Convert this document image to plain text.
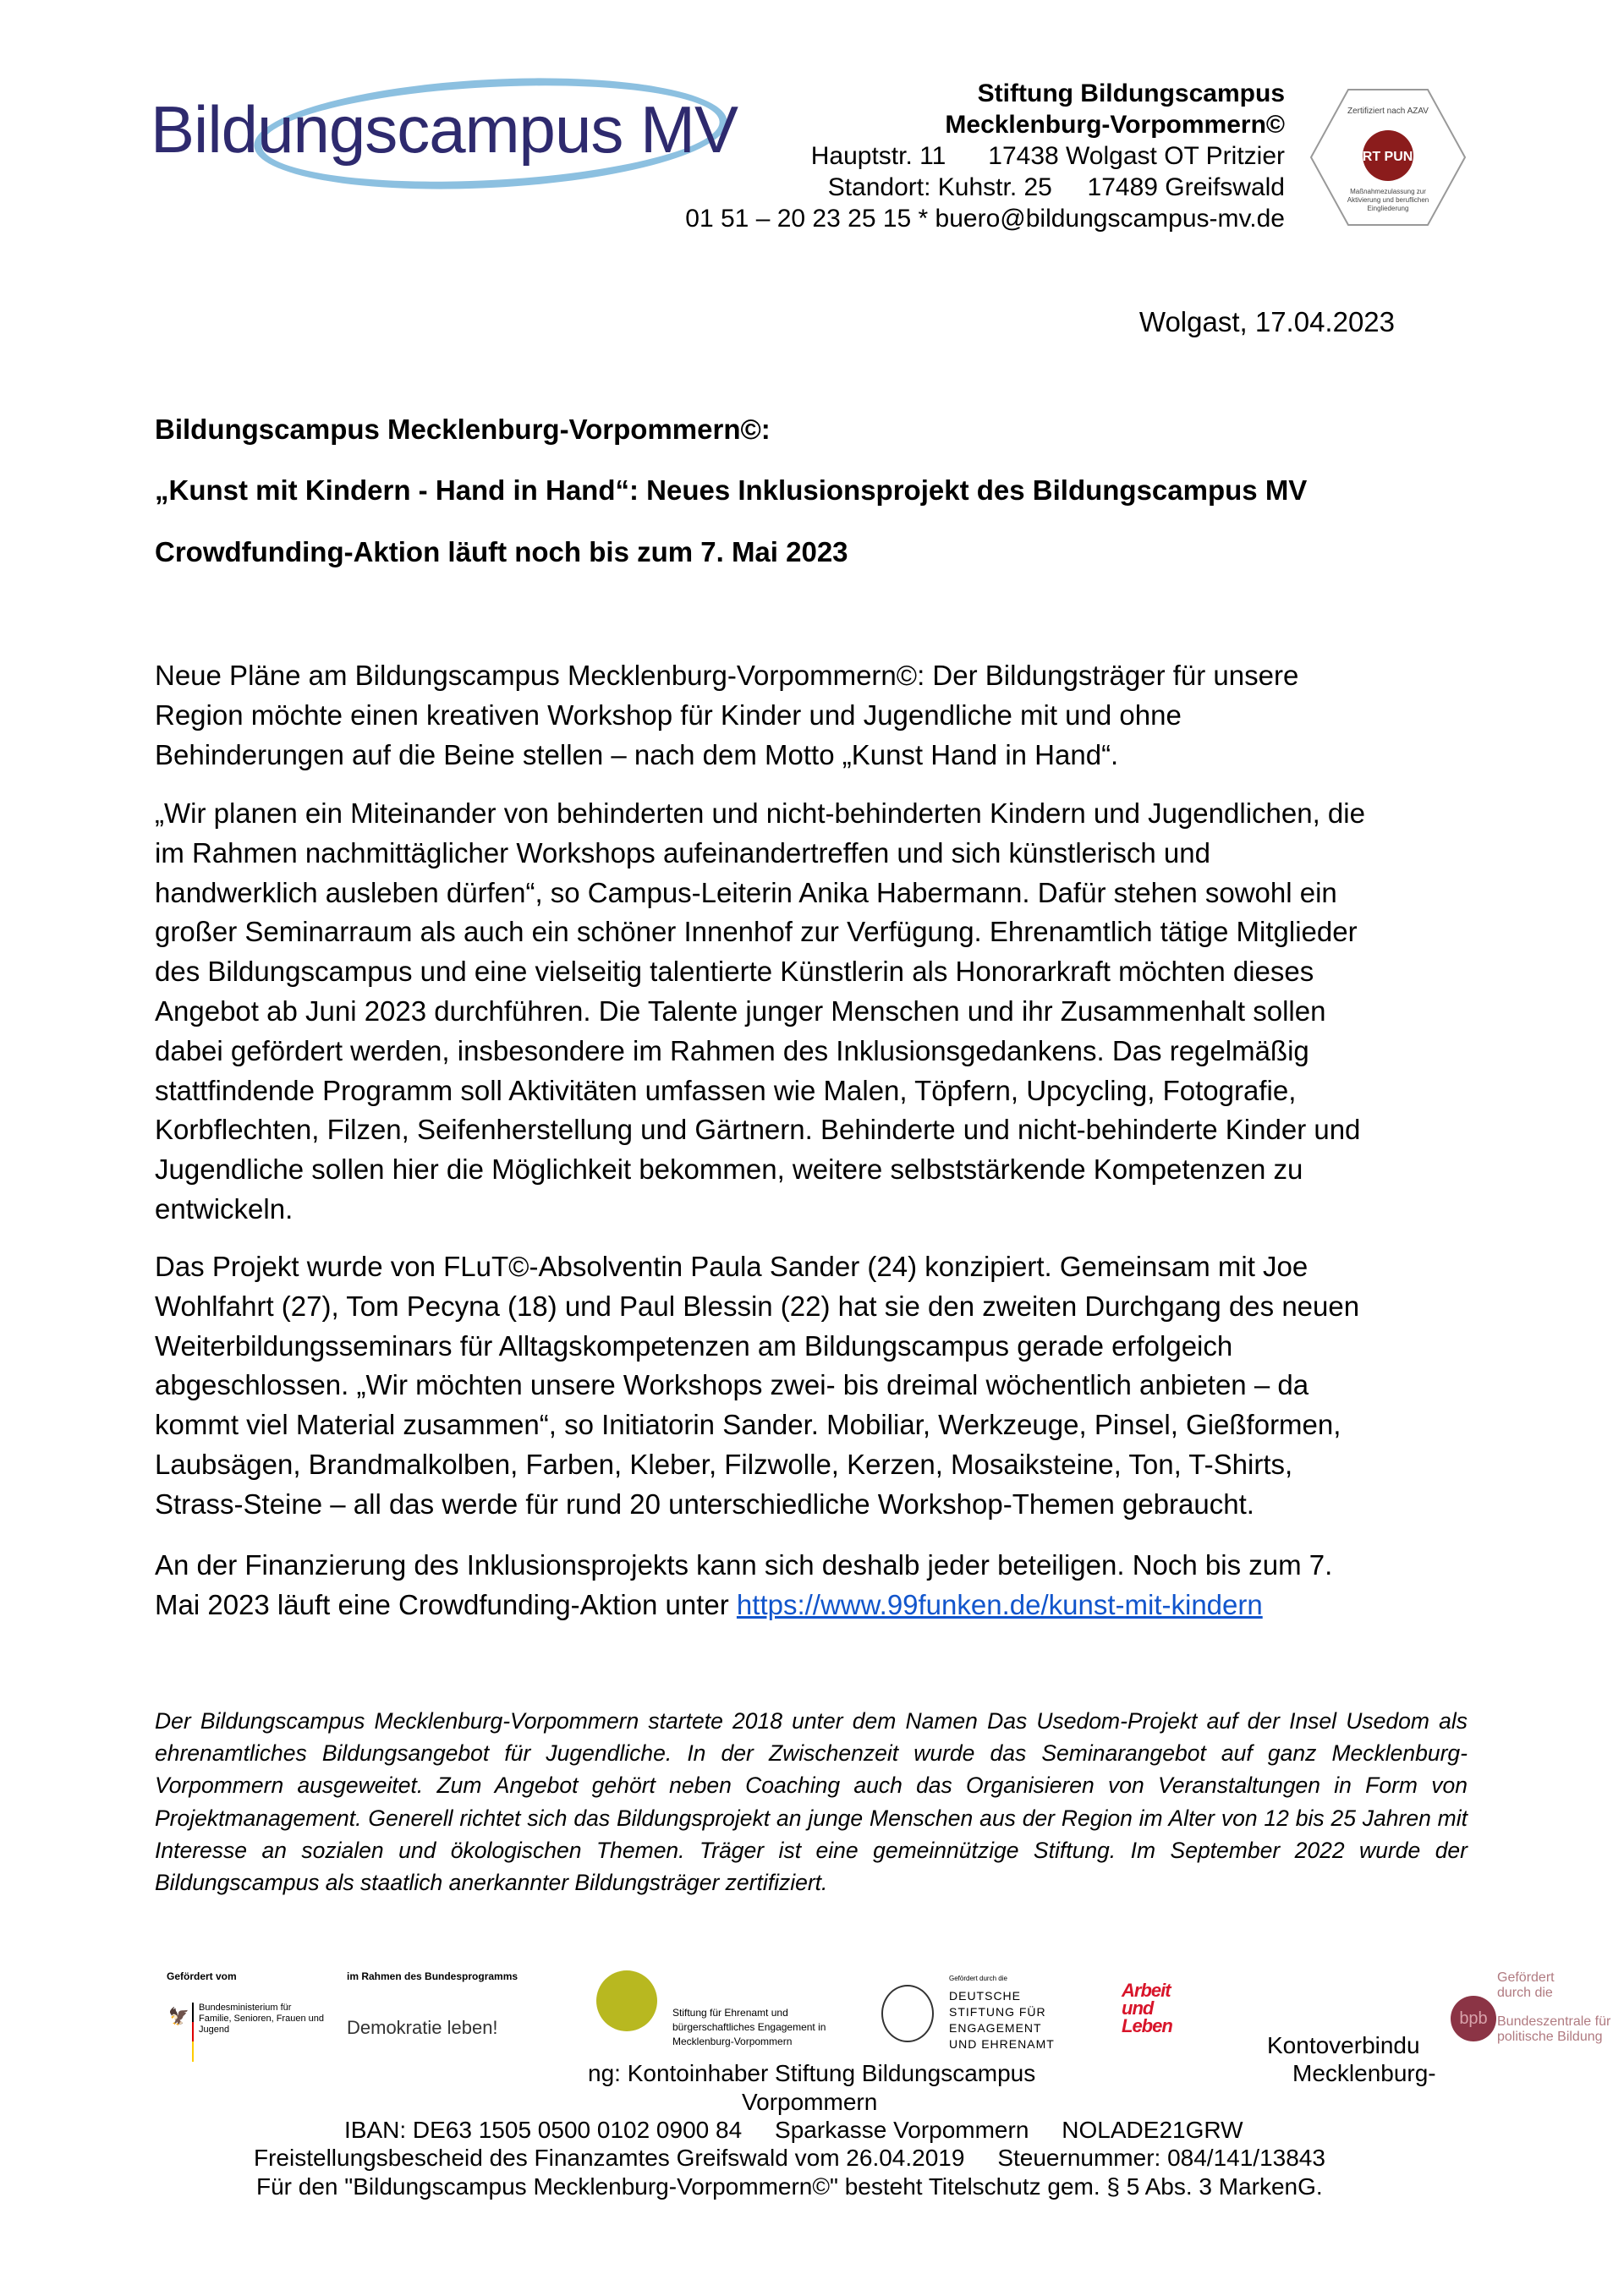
Bildungscampus MV	Stiftung Bildungscampus
Mecklenburg-Vorpommern©
Hauptstr. 11      17438 Wolgast OT Pritzier
Standort: Kuhstr. 25     17489 Greifswald
01 51 – 20 23 25 15 * buero@bildungscampus-mv.de
Zertifiziert nach AZAV
ZERT PUNKT
Maßnahmezulassung zur Aktivierung und beruflichen Eingliederung
Wolgast, 17.04.2023
Bildungscampus Mecklenburg-Vorpommern©:
„Kunst mit Kindern - Hand in Hand“: Neues Inklusionsprojekt des Bildungscampus MV
Crowdfunding-Aktion läuft noch bis zum 7. Mai 2023
Neue Pläne am Bildungscampus Mecklenburg-Vorpommern©: Der Bildungsträger für unsere
Region möchte einen kreativen Workshop für Kinder und Jugendliche mit und ohne
Behinderungen auf die Beine stellen – nach dem Motto „Kunst Hand in Hand“.
„Wir planen ein Miteinander von behinderten und nicht-behinderten Kindern und Jugendlichen, die
im Rahmen nachmittäglicher Workshops aufeinandertreffen und sich künstlerisch und
handwerklich ausleben dürfen“, so Campus-Leiterin Anika Habermann. Dafür stehen sowohl ein
großer Seminarraum als auch ein schöner Innenhof zur Verfügung. Ehrenamtlich tätige Mitglieder
des Bildungscampus und eine vielseitig talentierte Künstlerin als Honorarkraft möchten dieses
Angebot ab Juni 2023 durchführen. Die Talente junger Menschen und ihr Zusammenhalt sollen
dabei gefördert werden, insbesondere im Rahmen des Inklusionsgedankens. Das regelmäßig
stattfindende Programm soll Aktivitäten umfassen wie Malen, Töpfern, Upcycling, Fotografie,
Korbflechten, Filzen, Seifenherstellung und Gärtnern. Behinderte und nicht-behinderte Kinder und
Jugendliche sollen hier die Möglichkeit bekommen, weitere selbststärkende Kompetenzen zu
entwickeln.
Das Projekt wurde von FLuT©-Absolventin Paula Sander (24) konzipiert. Gemeinsam mit Joe
Wohlfahrt (27), Tom Pecyna (18) und Paul Blessin (22) hat sie den zweiten Durchgang des neuen
Weiterbildungsseminars für Alltagskompetenzen am Bildungscampus gerade erfolgeich
abgeschlossen. „Wir möchten unsere Workshops zwei- bis dreimal wöchentlich anbieten – da
kommt viel Material zusammen“, so Initiatorin Sander. Mobiliar, Werkzeuge, Pinsel, Gießformen,
Laubsägen, Brandmalkolben, Farben, Kleber, Filzwolle, Kerzen, Mosaiksteine, Ton, T-Shirts,
Strass-Steine – all das werde für rund 20 unterschiedliche Workshop-Themen gebraucht.
An der Finanzierung des Inklusionsprojekts kann sich deshalb jeder beteiligen. Noch bis zum 7.
Mai 2023 läuft eine Crowdfunding-Aktion unter https://www.99funken.de/kunst-mit-kindern
Der Bildungscampus Mecklenburg-Vorpommern startete 2018 unter dem Namen Das Usedom-Projekt auf der Insel Usedom als ehrenamtliches Bildungsangebot für Jugendliche. In der Zwischenzeit wurde das Seminarangebot auf ganz Mecklenburg-Vorpommern ausgeweitet. Zum Angebot gehört neben Coaching auch das Organisieren von Veranstaltungen in Form von Projektmanagement. Generell richtet sich das Bildungsprojekt an junge Menschen aus der Region im Alter von 12 bis 25 Jahren mit Interesse an sozialen und ökologischen Themen. Träger ist eine gemeinnützige Stiftung. Im September 2022 wurde der Bildungscampus als staatlich anerkannter Bildungsträger zertifiziert.
Gefördert vom
🦅 Bundesministerium für Familie, Senioren, Frauen und Jugend
im Rahmen des Bundesprogramms
Demokratie leben!
Stiftung für Ehrenamt und bürgerschaftliches Engagement in Mecklenburg-Vorpommern
Gefördert durch die
DEUTSCHE STIFTUNG FÜR ENGAGEMENT UND EHRENAMT
Arbeit und Leben
Gefördert durch die
bpb Bundeszentrale für politische Bildung
Kontoverbindu
ng: Kontoinhaber Stiftung Bildungscampus	Mecklenburg-
Vorpommern
IBAN: DE63 1505 0500 0102 0900 84     Sparkasse Vorpommern     NOLADE21GRW
Freistellungsbescheid des Finanzamtes Greifswald vom 26.04.2019     Steuernummer: 084/141/13843
Für den "Bildungscampus Mecklenburg-Vorpommern©" besteht Titelschutz gem. § 5 Abs. 3 MarkenG.
